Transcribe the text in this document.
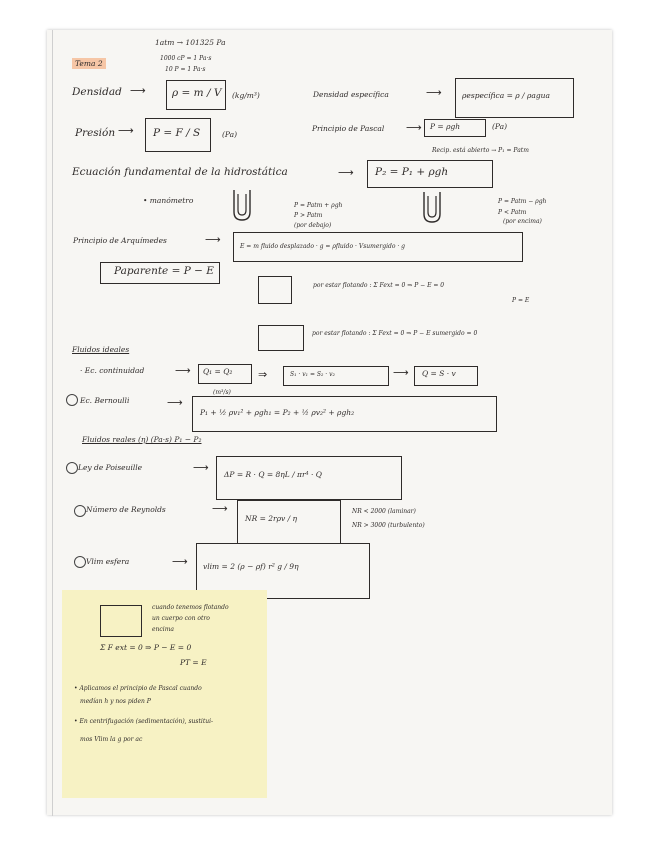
Tema 2
1atm → 101325 Pa
1000 cP = 1 Pa·s
10 P = 1 Pa·s
Densidad ⟶ ρ = m / V (kg/m³)	Densidad específica	⟶	ρespecífica = ρ / ρagua
Presión ⟶ P = F / S	(Pa)
Principio de Pascal ⟶ P = ρgh	(Pa)
Recip. está abierto → P₁ = Patm
Ecuación fundamental de la hidrostática	⟶ P₂ = P₁ + ρgh
• manómetro
P = Patm + ρgh
P > Patm
(por debajo)
P = Patm − ρgh
P < Patm
(por encima)
Principio de Arquímedes	⟶
E = m fluido desplazado · g = ρfluido · Vsumergido · g
Paparente = P − E
por estar flotando : Σ Fext = 0 ⇒ P − E = 0
P = E
por estar flotando : Σ Fext = 0 ⇒ P − E sumergido = 0
Fluidos ideales
· Ec. continuidad	⟶ Q₁ = Q₂
(m³/s)
⇒	S₁ · v₁ = S₂ · v₂	⟶ Q = S · v
Ec. Bernoulli	⟶
P₁ + ½ ρv₁² + ρgh₁ = P₂ + ½ ρv₂² + ρgh₂
Fluidos reales (η) (Pa·s) P₁ − P₂
Ley de Poiseuille	⟶
ΔP = R · Q = 8ηL / πr⁴ · Q
Número de Reynolds	⟶
NR = 2rρv / η
NR < 2000 (laminar)
NR > 3000 (turbulento)
Vlim esfera	⟶ vlim = 2 (ρ − ρf) r² g / 9η
cuando tenemos flotando
un cuerpo con otro
encima
Σ F ext = 0 ⇒ P − E = 0
PT = E
• Aplicamos el principio de Pascal cuando
medían h y nos piden P
• En centrifugación (sedimentación), sustitui-
mos Vlim la g por ac
